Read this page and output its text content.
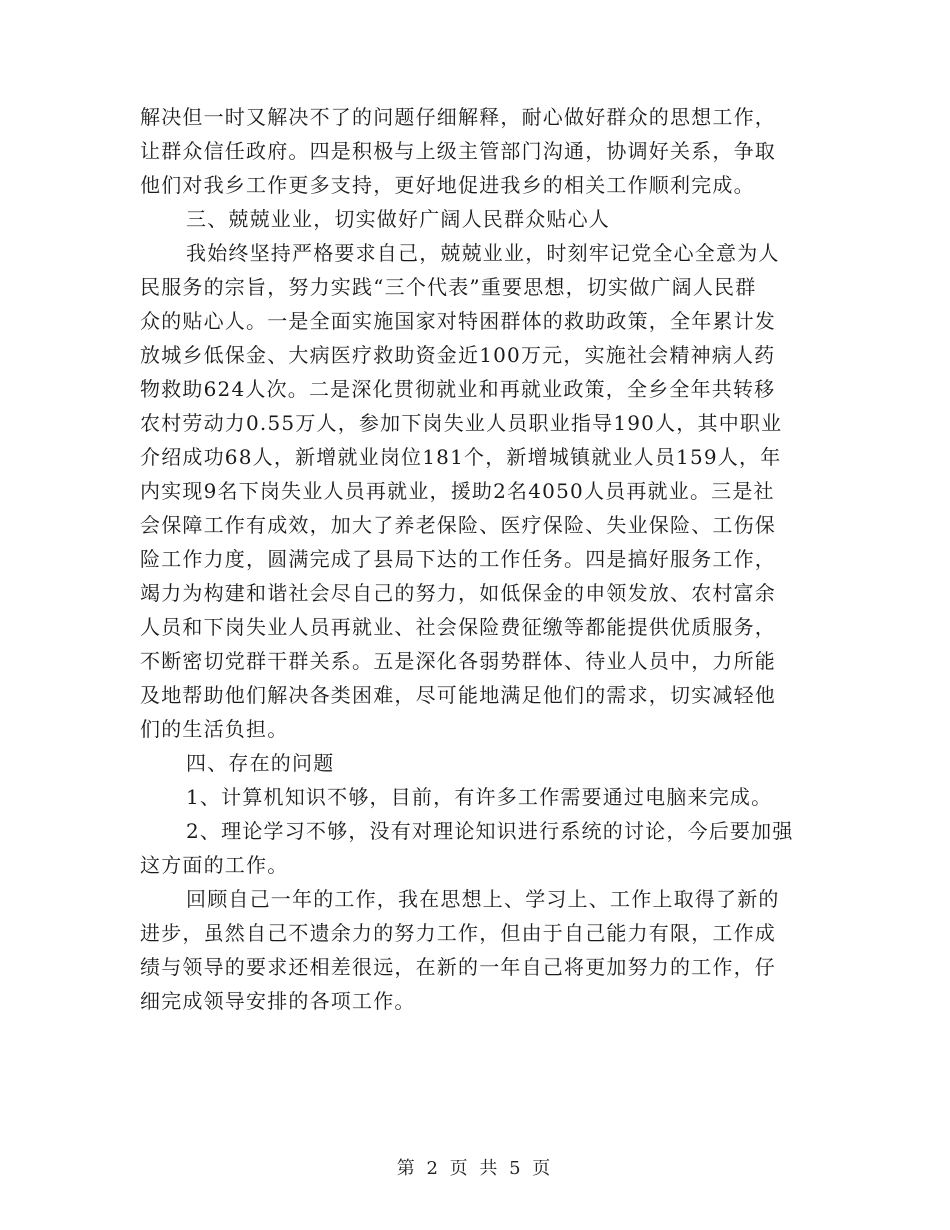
解决但一时又解决不了的问题仔细解释，耐心做好群众的思想工作，
让群众信任政府。四是积极与上级主管部门沟通，协调好关系，争取
他们对我乡工作更多支持，更好地促进我乡的相关工作顺利完成。
三、兢兢业业，切实做好广阔人民群众贴心人
我始终坚持严格要求自己，兢兢业业，时刻牢记党全心全意为人
民服务的宗旨，努力实践“三个代表”重要思想，切实做广阔人民群
众的贴心人。一是全面实施国家对特困群体的救助政策，全年累计发
放城乡低保金、大病医疗救助资金近100万元，实施社会精神病人药
物救助624人次。二是深化贯彻就业和再就业政策，全乡全年共转移
农村劳动力0.55万人，参加下岗失业人员职业指导190人，其中职业
介绍成功68人，新增就业岗位181个，新增城镇就业人员159人，年
内实现9名下岗失业人员再就业，援助2名4050人员再就业。三是社
会保障工作有成效，加大了养老保险、医疗保险、失业保险、工伤保
险工作力度，圆满完成了县局下达的工作任务。四是搞好服务工作，
竭力为构建和谐社会尽自己的努力，如低保金的申领发放、农村富余
人员和下岗失业人员再就业、社会保险费征缴等都能提供优质服务，
不断密切党群干群关系。五是深化各弱势群体、待业人员中，力所能
及地帮助他们解决各类困难，尽可能地满足他们的需求，切实减轻他
们的生活负担。
四、存在的问题
1、计算机知识不够，目前，有许多工作需要通过电脑来完成。
2、理论学习不够，没有对理论知识进行系统的讨论，今后要加强
这方面的工作。
回顾自己一年的工作，我在思想上、学习上、工作上取得了新的
进步，虽然自己不遗余力的努力工作，但由于自己能力有限，工作成
绩与领导的要求还相差很远，在新的一年自己将更加努力的工作，仔
细完成领导安排的各项工作。
第 2 页 共 5 页
